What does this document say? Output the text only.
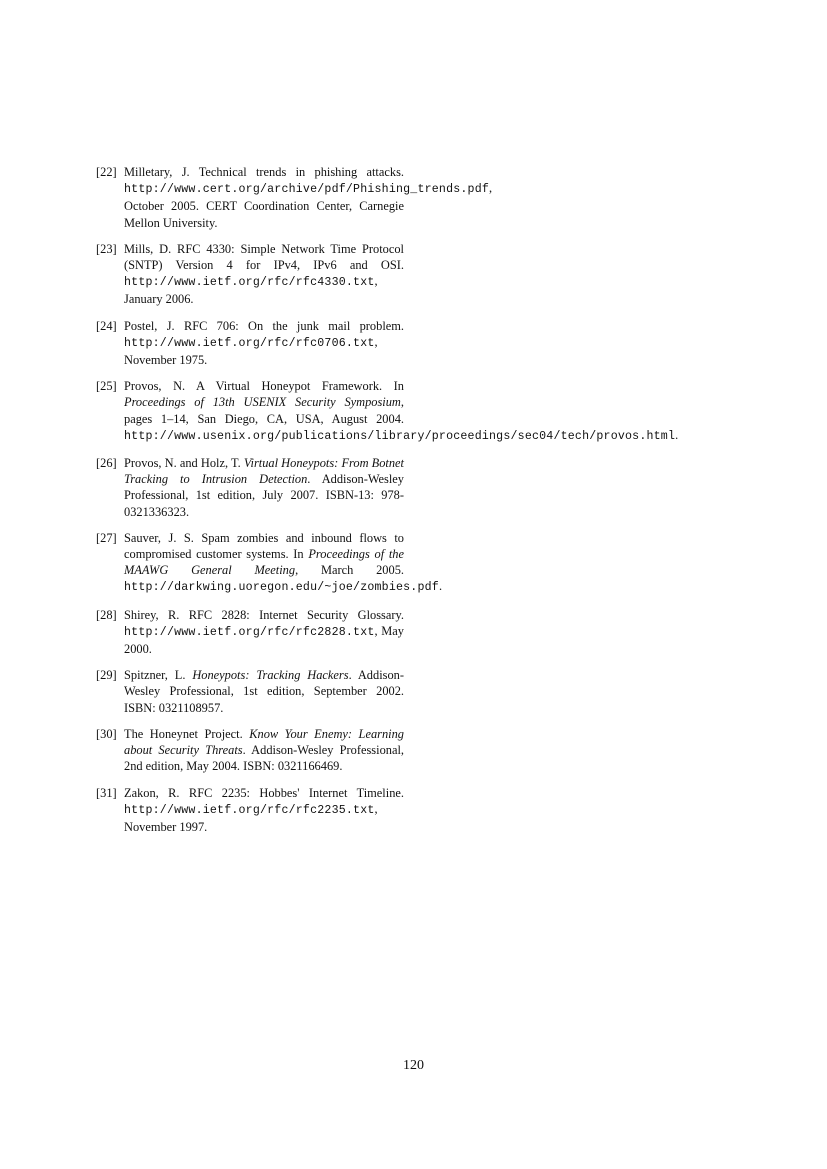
[22] Milletary, J. Technical trends in phishing attacks. http://www.cert.org/archive/pdf/Phishing_trends.pdf, October 2005. CERT Coordination Center, Carnegie Mellon University.
[23] Mills, D. RFC 4330: Simple Network Time Protocol (SNTP) Version 4 for IPv4, IPv6 and OSI. http://www.ietf.org/rfc/rfc4330.txt, January 2006.
[24] Postel, J. RFC 706: On the junk mail problem. http://www.ietf.org/rfc/rfc0706.txt, November 1975.
[25] Provos, N. A Virtual Honeypot Framework. In Proceedings of 13th USENIX Security Symposium, pages 1–14, San Diego, CA, USA, August 2004. http://www.usenix.org/publications/library/proceedings/sec04/tech/provos.html.
[26] Provos, N. and Holz, T. Virtual Honeypots: From Botnet Tracking to Intrusion Detection. Addison-Wesley Professional, 1st edition, July 2007. ISBN-13: 978-0321336323.
[27] Sauver, J. S. Spam zombies and inbound flows to compromised customer systems. In Proceedings of the MAAWG General Meeting, March 2005. http://darkwing.uoregon.edu/~joe/zombies.pdf.
[28] Shirey, R. RFC 2828: Internet Security Glossary. http://www.ietf.org/rfc/rfc2828.txt, May 2000.
[29] Spitzner, L. Honeypots: Tracking Hackers. Addison-Wesley Professional, 1st edition, September 2002. ISBN: 0321108957.
[30] The Honeynet Project. Know Your Enemy: Learning about Security Threats. Addison-Wesley Professional, 2nd edition, May 2004. ISBN: 0321166469.
[31] Zakon, R. RFC 2235: Hobbes' Internet Timeline. http://www.ietf.org/rfc/rfc2235.txt, November 1997.
120
